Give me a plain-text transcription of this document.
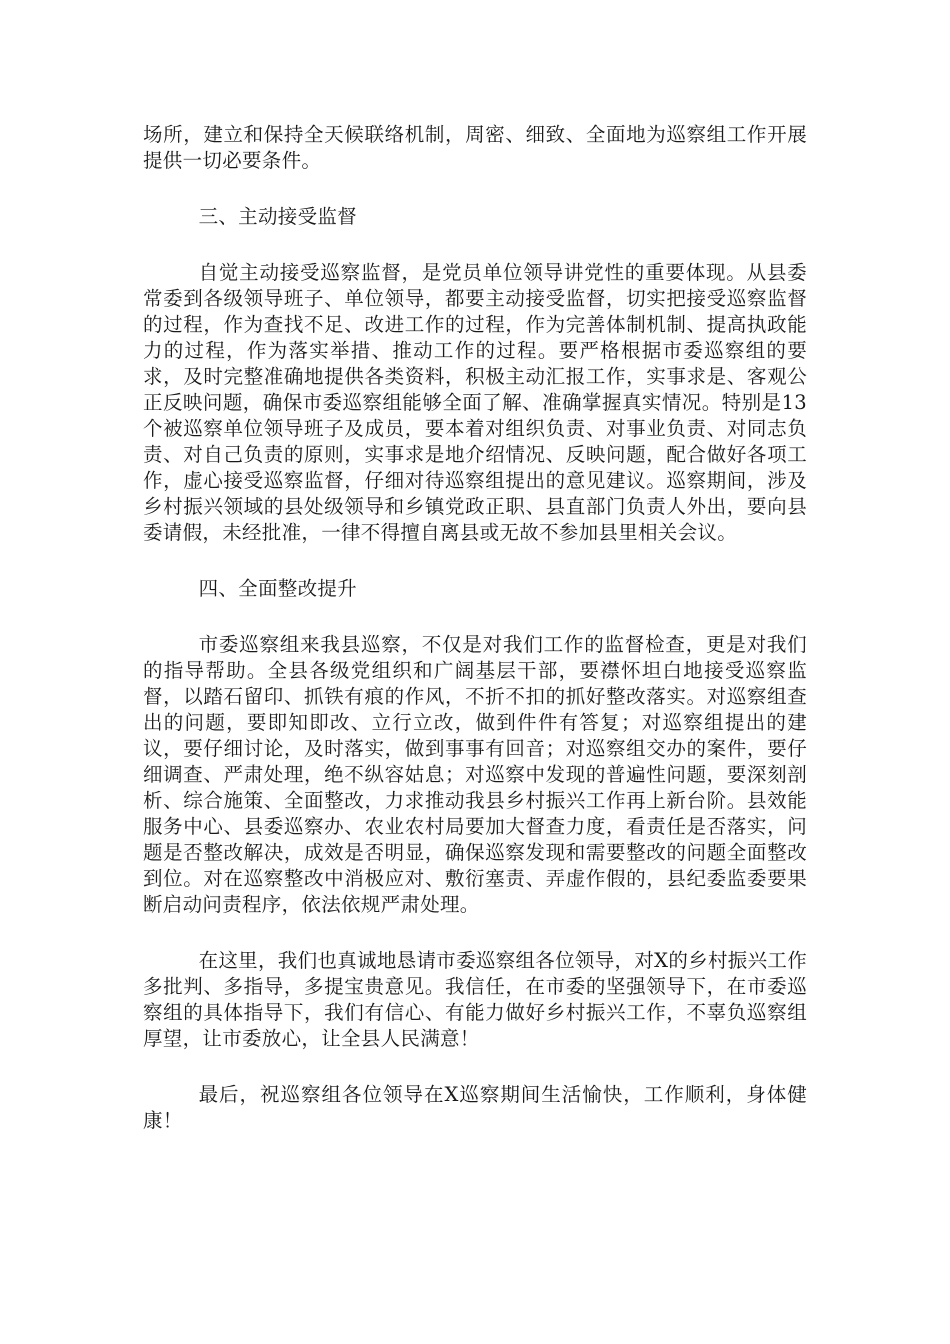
场所，建立和保持全天候联络机制，周密、细致、全面地为巡察组工作开展提供一切必要条件。

三、主动接受监督

自觉主动接受巡察监督，是党员单位领导讲党性的重要体现。从县委常委到各级领导班子、单位领导，都要主动接受监督，切实把接受巡察监督的过程，作为查找不足、改进工作的过程，作为完善体制机制、提高执政能力的过程，作为落实举措、推动工作的过程。要严格根据市委巡察组的要求，及时完整准确地提供各类资料，积极主动汇报工作，实事求是、客观公正反映问题，确保市委巡察组能够全面了解、准确掌握真实情况。特别是13个被巡察单位领导班子及成员，要本着对组织负责、对事业负责、对同志负责、对自己负责的原则，实事求是地介绍情况、反映问题，配合做好各项工作，虚心接受巡察监督，仔细对待巡察组提出的意见建议。巡察期间，涉及乡村振兴领域的县处级领导和乡镇党政正职、县直部门负责人外出，要向县委请假，未经批准，一律不得擅自离县或无故不参加县里相关会议。

四、全面整改提升

市委巡察组来我县巡察，不仅是对我们工作的监督检查，更是对我们的指导帮助。全县各级党组织和广阔基层干部，要襟怀坦白地接受巡察监督，以踏石留印、抓铁有痕的作风，不折不扣的抓好整改落实。对巡察组查出的问题，要即知即改、立行立改，做到件件有答复；对巡察组提出的建议，要仔细讨论，及时落实，做到事事有回音；对巡察组交办的案件，要仔细调查、严肃处理，绝不纵容姑息；对巡察中发现的普遍性问题，要深刻剖析、综合施策、全面整改，力求推动我县乡村振兴工作再上新台阶。县效能服务中心、县委巡察办、农业农村局要加大督查力度，看责任是否落实，问题是否整改解决，成效是否明显，确保巡察发现和需要整改的问题全面整改到位。对在巡察整改中消极应对、敷衍塞责、弄虚作假的，县纪委监委要果断启动问责程序，依法依规严肃处理。

在这里，我们也真诚地恳请市委巡察组各位领导，对X的乡村振兴工作多批判、多指导，多提宝贵意见。我信任，在市委的坚强领导下，在市委巡察组的具体指导下，我们有信心、有能力做好乡村振兴工作，不辜负巡察组厚望，让市委放心，让全县人民满意！

最后，祝巡察组各位领导在X巡察期间生活愉快，工作顺利，身体健康！
